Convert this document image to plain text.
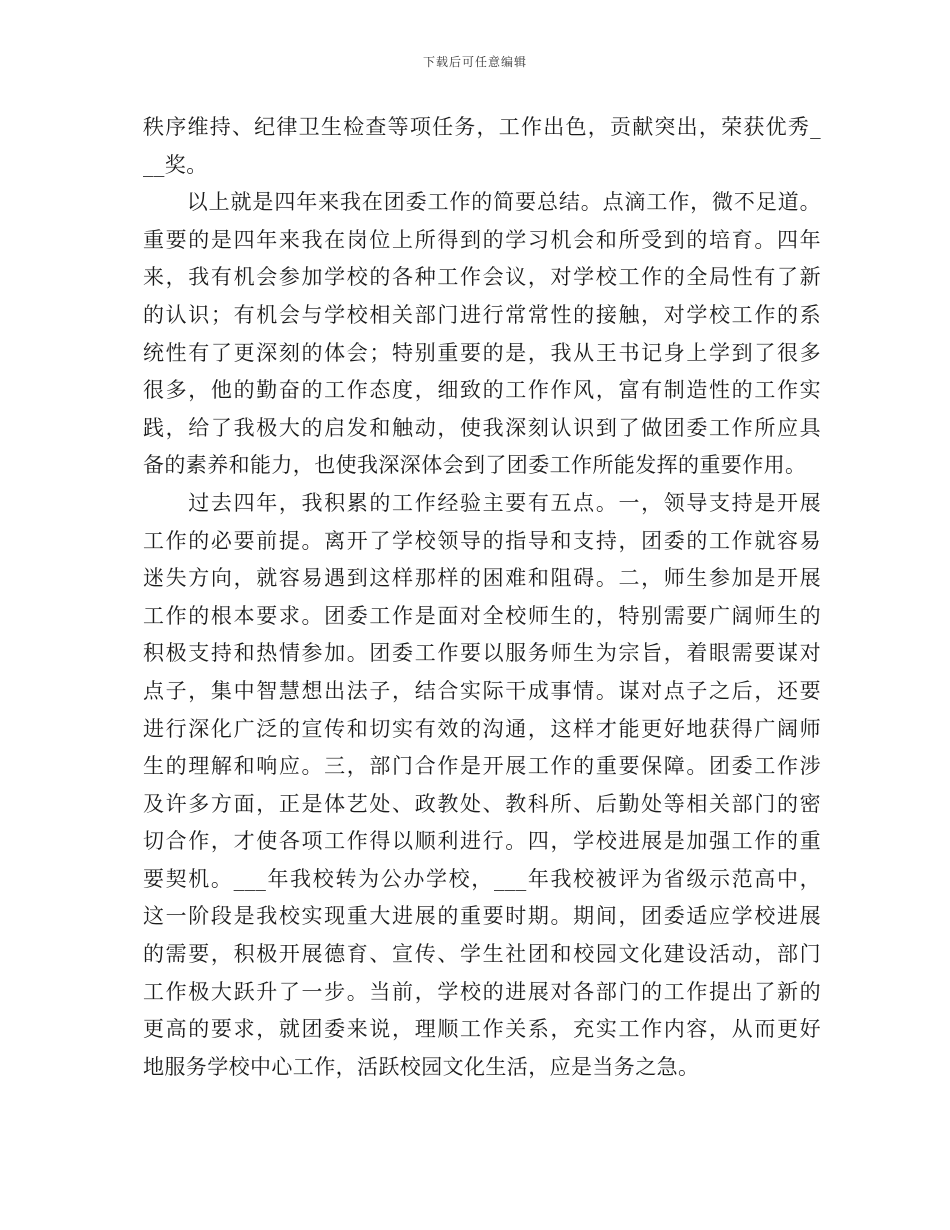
下载后可任意编辑
秩序维持、纪律卫生检查等项任务，工作出色，贡献突出，荣获优秀_
__奖。
　　以上就是四年来我在团委工作的简要总结。点滴工作，微不足道。
重要的是四年来我在岗位上所得到的学习机会和所受到的培育。四年
来，我有机会参加学校的各种工作会议，对学校工作的全局性有了新
的认识；有机会与学校相关部门进行常常性的接触，对学校工作的系
统性有了更深刻的体会；特别重要的是，我从王书记身上学到了很多
很多，他的勤奋的工作态度，细致的工作作风，富有制造性的工作实
践，给了我极大的启发和触动，使我深刻认识到了做团委工作所应具
备的素养和能力，也使我深深体会到了团委工作所能发挥的重要作用。
　　过去四年，我积累的工作经验主要有五点。一，领导支持是开展
工作的必要前提。离开了学校领导的指导和支持，团委的工作就容易
迷失方向，就容易遇到这样那样的困难和阻碍。二，师生参加是开展
工作的根本要求。团委工作是面对全校师生的，特别需要广阔师生的
积极支持和热情参加。团委工作要以服务师生为宗旨，着眼需要谋对
点子，集中智慧想出法子，结合实际干成事情。谋对点子之后，还要
进行深化广泛的宣传和切实有效的沟通，这样才能更好地获得广阔师
生的理解和响应。三，部门合作是开展工作的重要保障。团委工作涉
及许多方面，正是体艺处、政教处、教科所、后勤处等相关部门的密
切合作，才使各项工作得以顺利进行。四，学校进展是加强工作的重
要契机。___年我校转为公办学校，___年我校被评为省级示范高中，
这一阶段是我校实现重大进展的重要时期。期间，团委适应学校进展
的需要，积极开展德育、宣传、学生社团和校园文化建设活动，部门
工作极大跃升了一步。当前，学校的进展对各部门的工作提出了新的
更高的要求，就团委来说，理顺工作关系，充实工作内容，从而更好
地服务学校中心工作，活跃校园文化生活，应是当务之急。
